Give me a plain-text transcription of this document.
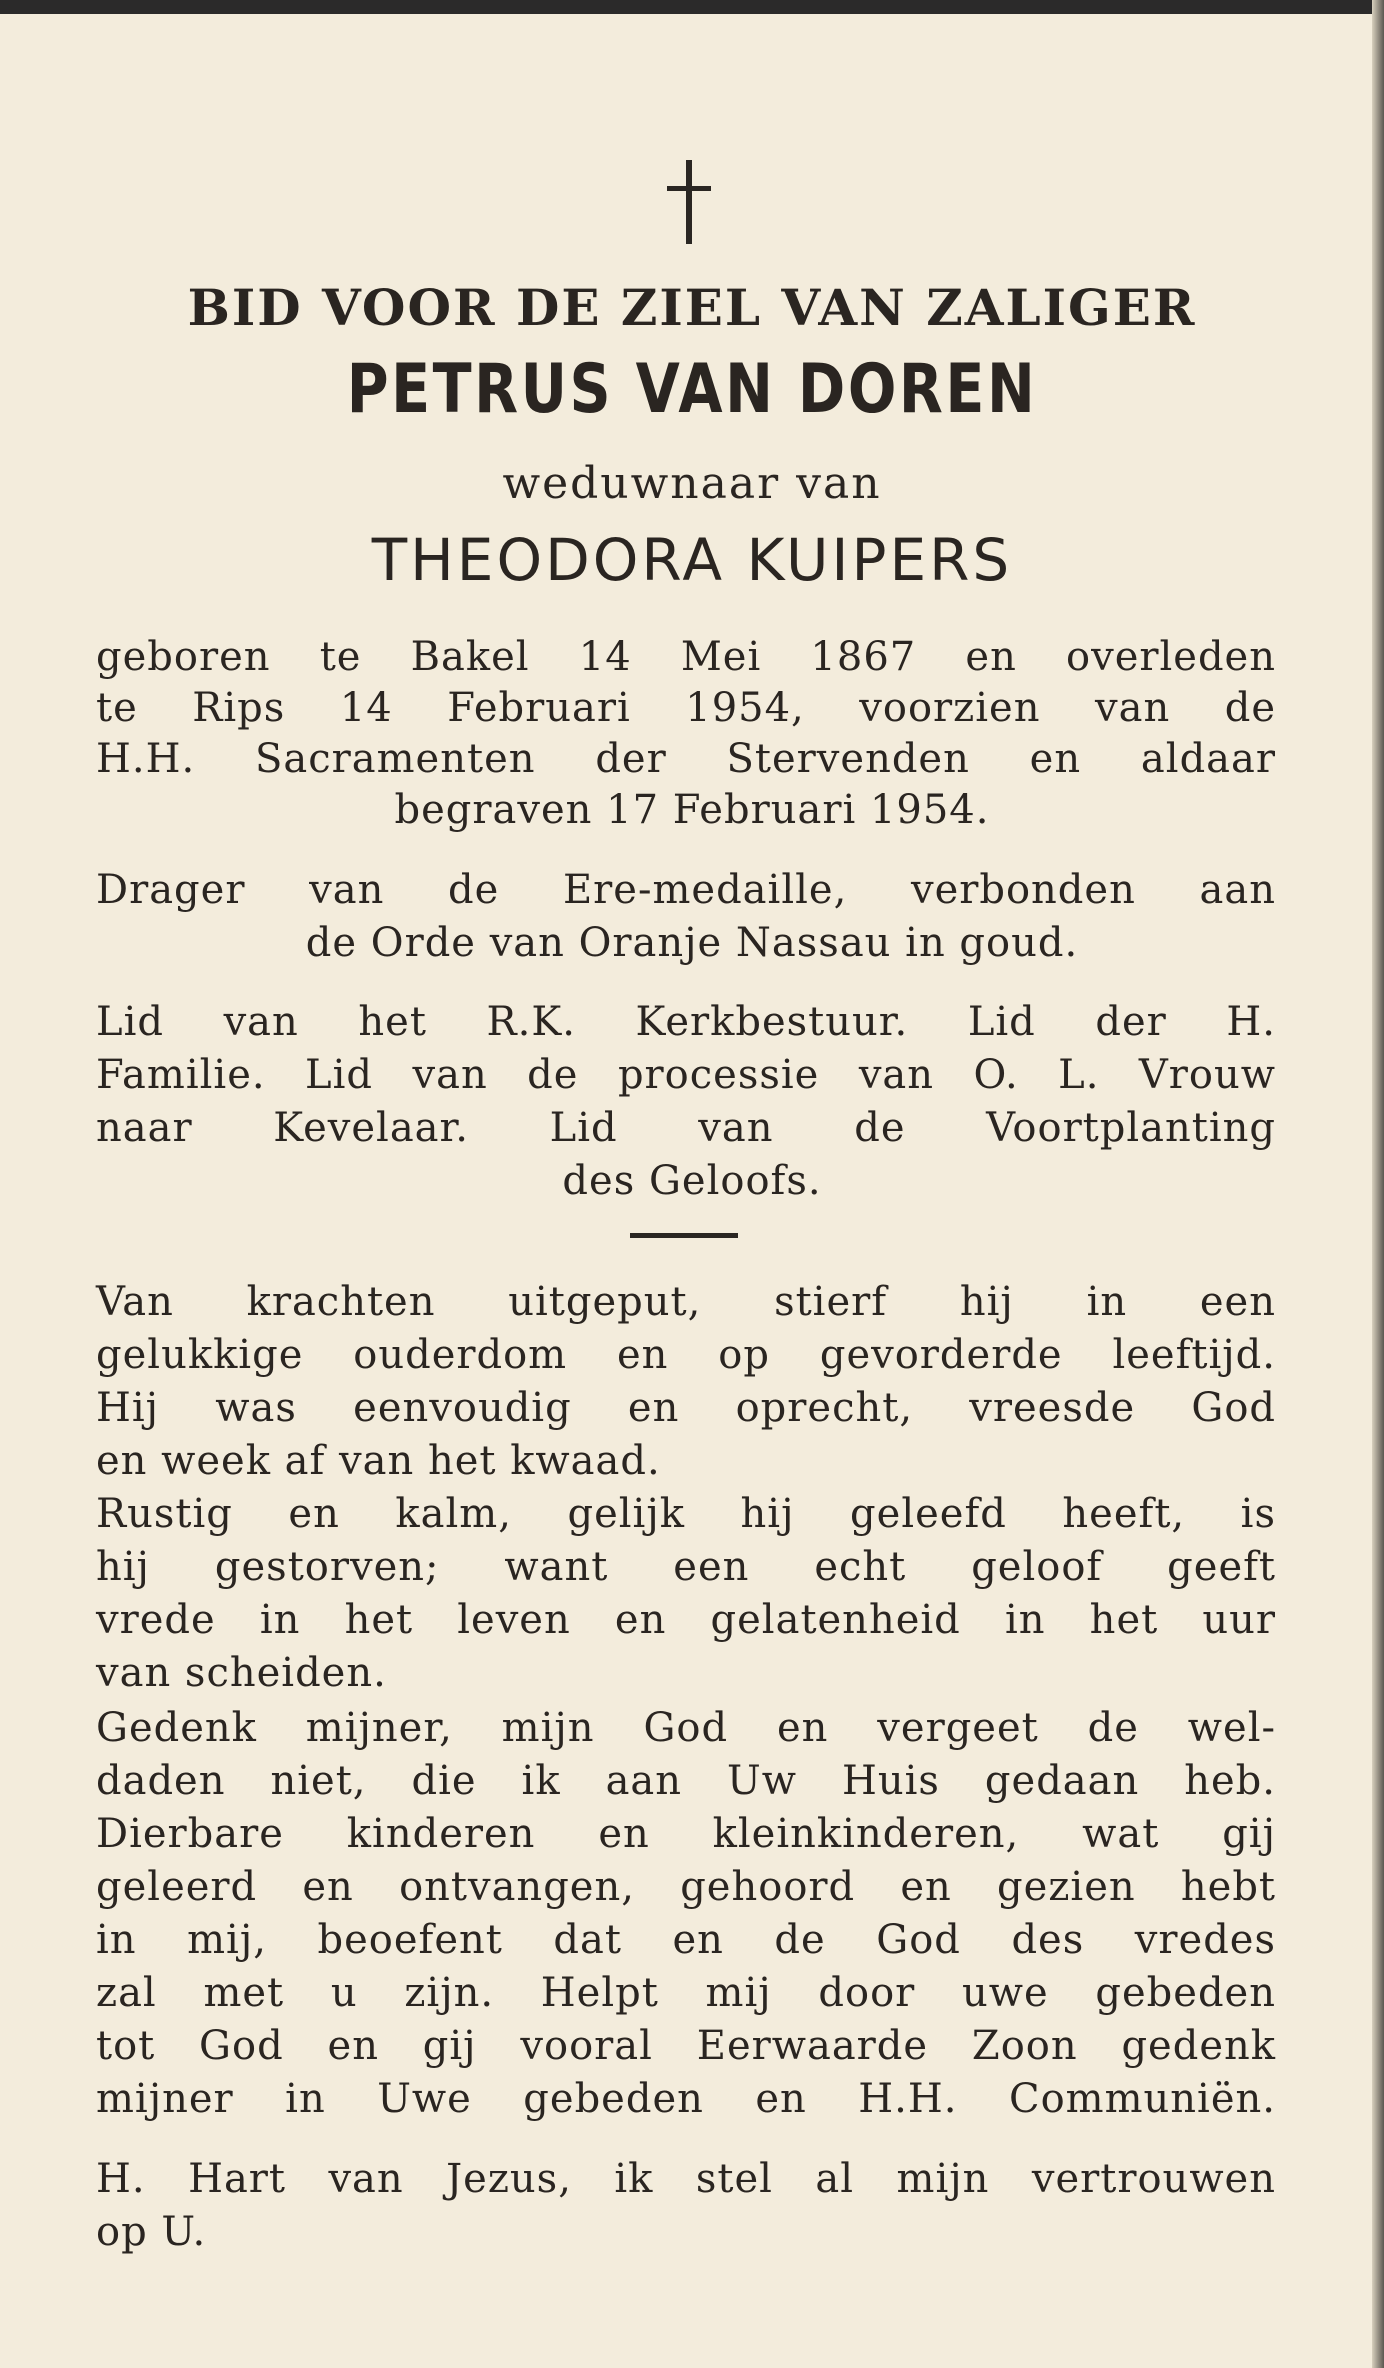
BID VOOR DE ZIEL VAN ZALIGER
PETRUS VAN DOREN
weduwnaar van
THEODORA KUIPERS
geboren te Bakel 14 Mei 1867 en overleden
te Rips 14 Februari 1954, voorzien van de
H.H. Sacramenten der Stervenden en aldaar
begraven 17 Februari 1954.
Drager van de Ere-medaille, verbonden aan
de Orde van Oranje Nassau in goud.
Lid van het R.K. Kerkbestuur. Lid der H.
Familie. Lid van de processie van O. L. Vrouw
naar Kevelaar. Lid van de Voortplanting
des Geloofs.
Van krachten uitgeput, stierf hij in een
gelukkige ouderdom en op gevorderde leeftijd.
Hij was eenvoudig en oprecht, vreesde God
en week af van het kwaad.
Rustig en kalm, gelijk hij geleefd heeft, is
hij gestorven; want een echt geloof geeft
vrede in het leven en gelatenheid in het uur
van scheiden.
Gedenk mijner, mijn God en vergeet de wel-
daden niet, die ik aan Uw Huis gedaan heb.
Dierbare kinderen en kleinkinderen, wat gij
geleerd en ontvangen, gehoord en gezien hebt
in mij, beoefent dat en de God des vredes
zal met u zijn. Helpt mij door uwe gebeden
tot God en gij vooral Eerwaarde Zoon gedenk
mijner in Uwe gebeden en H.H. Communiën.
H. Hart van Jezus, ik stel al mijn vertrouwen
op U.
